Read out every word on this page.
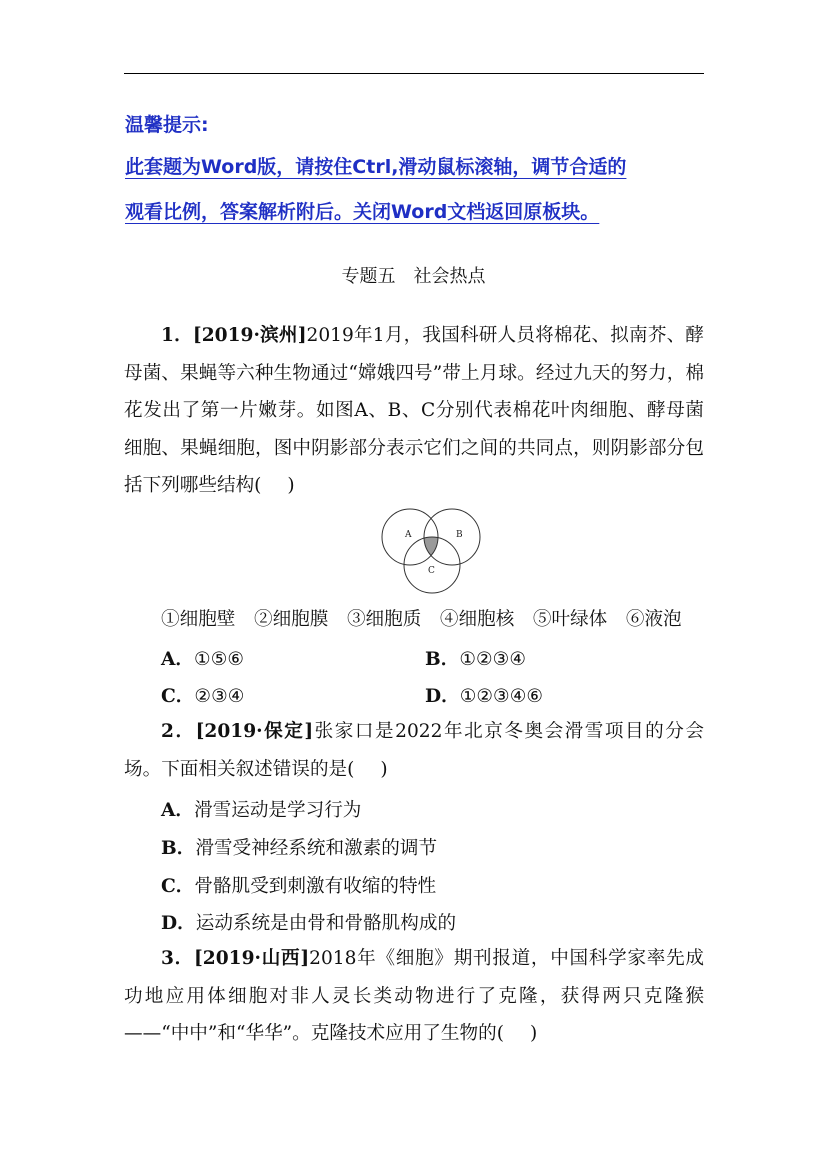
温馨提示:
此套题为Word版，请按住Ctrl,滑动鼠标滚轴，调节合适的
观看比例，答案解析附后。关闭Word文档返回原板块。
专题五　社会热点
1．[2019·滨州]2019年1月，我国科研人员将棉花、拟南芥、酵母菌、果蝇等六种生物通过“嫦娥四号”带上月球。经过九天的努力，棉花发出了第一片嫩芽。如图A、B、C分别代表棉花叶肉细胞、酵母菌细胞、果蝇细胞，图中阴影部分表示它们之间的共同点，则阴影部分包括下列哪些结构( )
A	B
C
①细胞壁　②细胞膜　③细胞质　④细胞核　⑤叶绿体　⑥液泡
A．①⑤⑥	B．①②③④
C．②③④	D．①②③④⑥
2．[2019·保定]张家口是2022年北京冬奥会滑雪项目的分会场。下面相关叙述错误的是( )
A．滑雪运动是学习行为
B．滑雪受神经系统和激素的调节
C．骨骼肌受到刺激有收缩的特性
D．运动系统是由骨和骨骼肌构成的
3．[2019·山西]2018年《细胞》期刊报道，中国科学家率先成功地应用体细胞对非人灵长类动物进行了克隆，获得两只克隆猴——“中中”和“华华”。克隆技术应用了生物的( )
